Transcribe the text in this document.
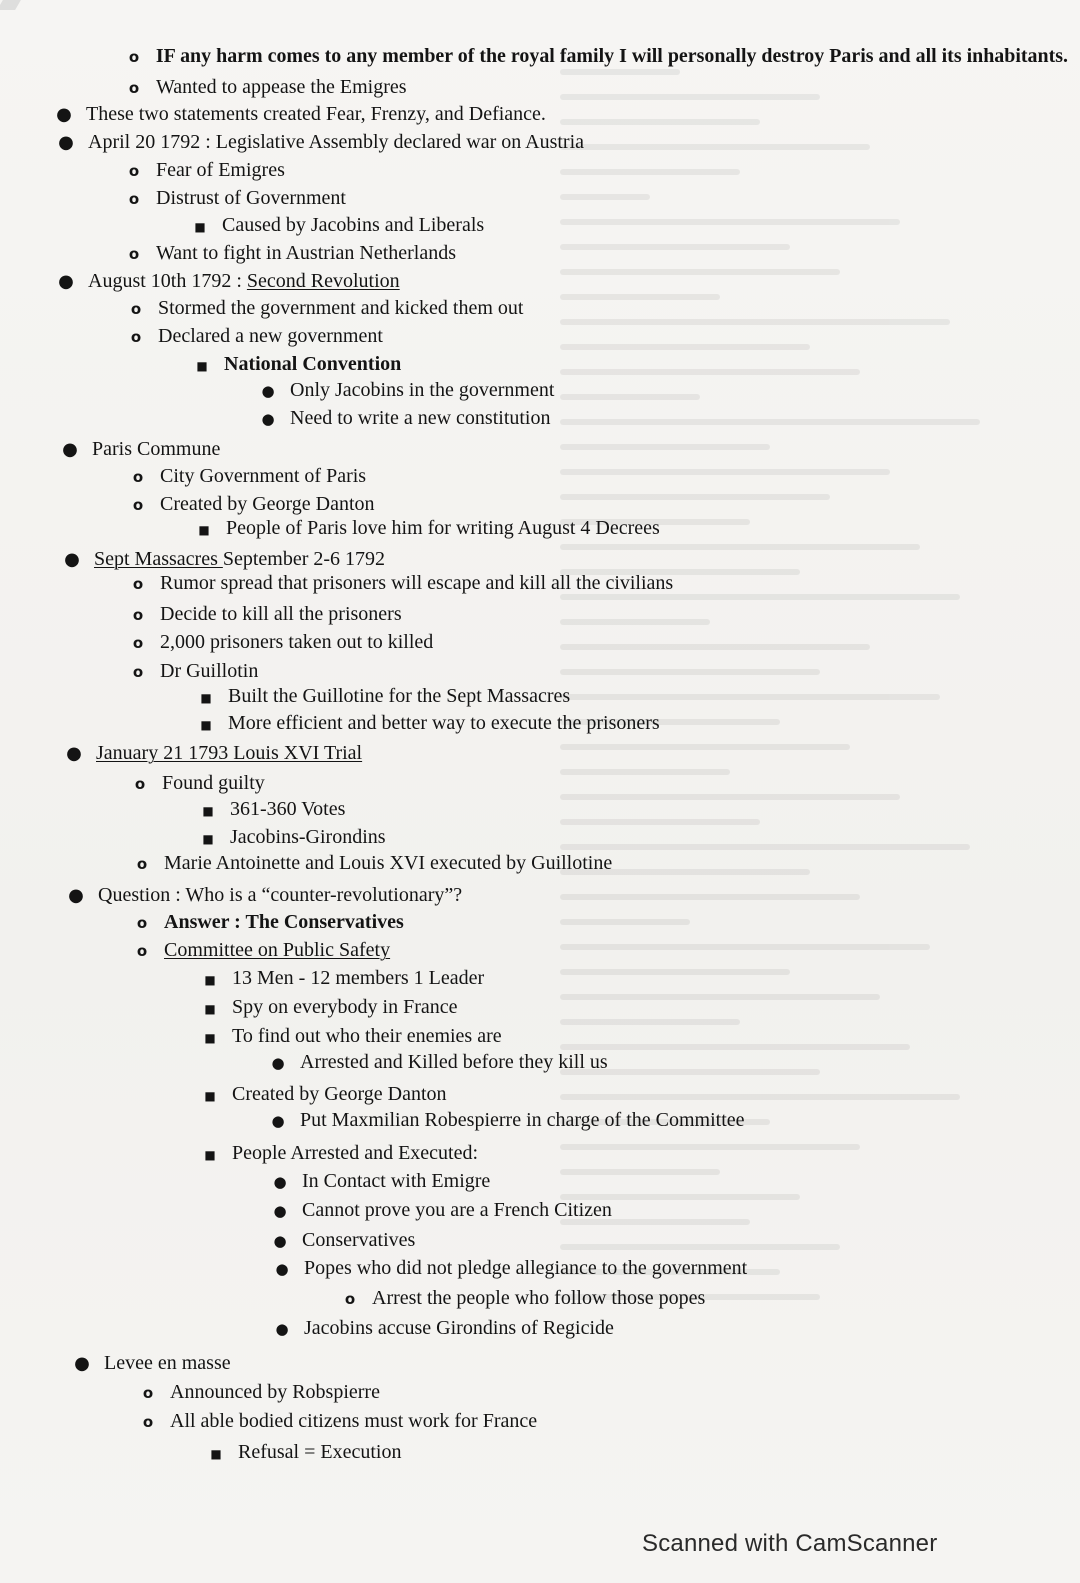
o IF any harm comes to any member of the royal family I will personally destroy Paris and all its inhabitants.
o Wanted to appease the Emigres
● These two statements created Fear, Frenzy, and Defiance.
● April 20 1792 : Legislative Assembly declared war on Austria
o Fear of Emigres
o Distrust of Government
■ Caused by Jacobins and Liberals
o Want to fight in Austrian Netherlands
● August 10th 1792 : Second Revolution
o Stormed the government and kicked them out
o Declared a new government
■ National Convention
● Only Jacobins in the government
● Need to write a new constitution
● Paris Commune
o City Government of Paris
o Created by George Danton
■ People of Paris love him for writing August 4 Decrees
● Sept Massacres September 2-6 1792
o Rumor spread that prisoners will escape and kill all the civilians
o Decide to kill all the prisoners
o 2,000 prisoners taken out to killed
o Dr Guillotin
■ Built the Guillotine for the Sept Massacres
■ More efficient and better way to execute the prisoners
● January 21 1793 Louis XVI Trial
o Found guilty
■ 361-360 Votes
■ Jacobins-Girondins
o Marie Antoinette and Louis XVI executed by Guillotine
● Question : Who is a “counter-revolutionary”?
o Answer : The Conservatives
o Committee on Public Safety
■ 13 Men - 12 members 1 Leader
■ Spy on everybody in France
■ To find out who their enemies are
● Arrested and Killed before they kill us
■ Created by George Danton
● Put Maxmilian Robespierre in charge of the Committee
■ People Arrested and Executed:
● In Contact with Emigre
● Cannot prove you are a French Citizen
● Conservatives
● Popes who did not pledge allegiance to the government
o Arrest the people who follow those popes
● Jacobins accuse Girondins of Regicide
● Levee en masse
o Announced by Robspierre
o All able bodied citizens must work for France
■ Refusal = Execution
Scanned with CamScanner
